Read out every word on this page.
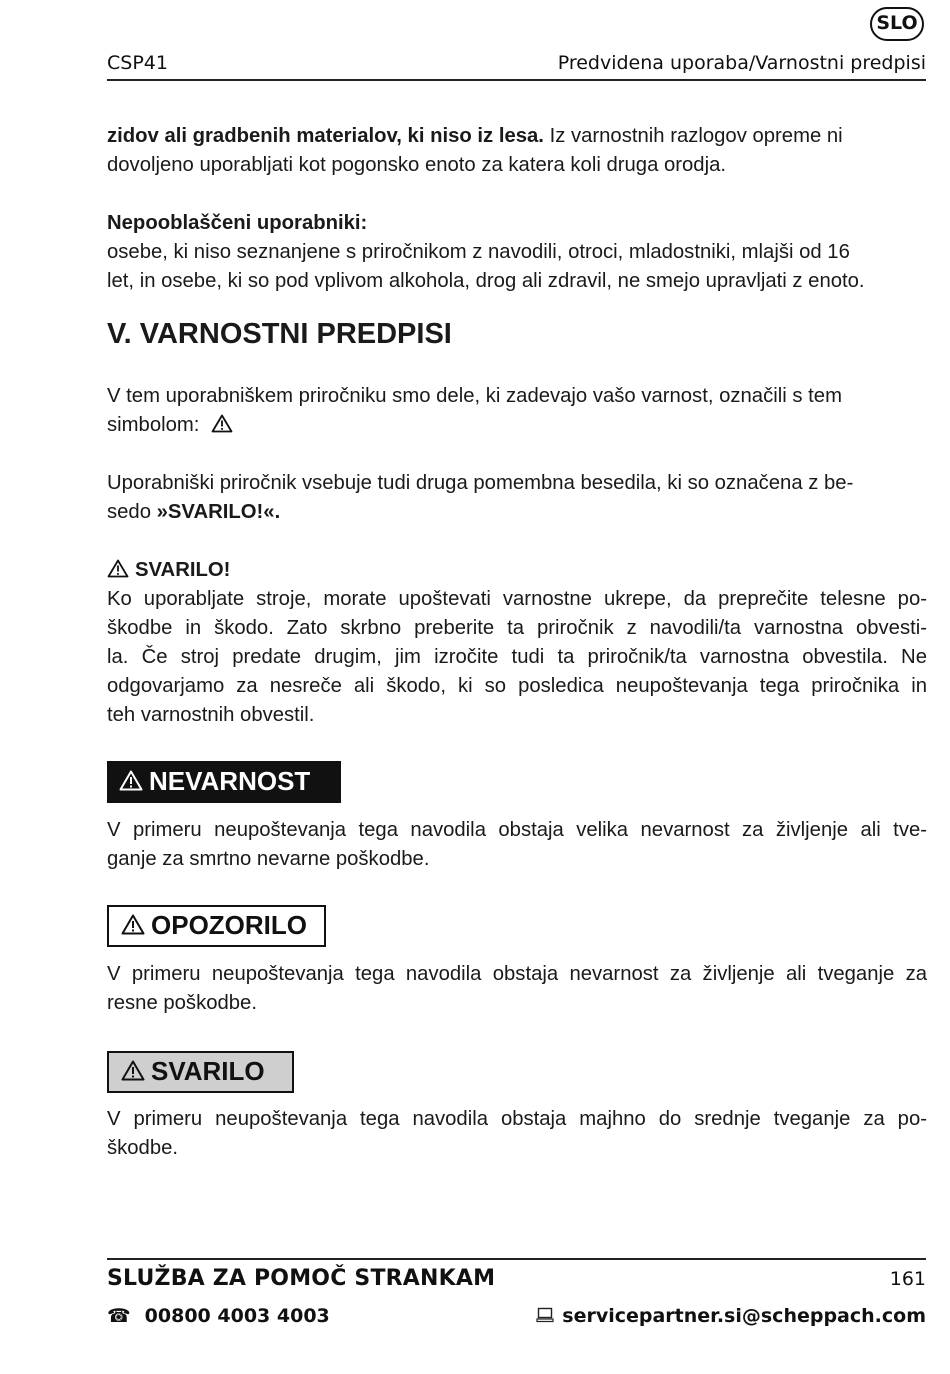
SLO
CSP41	Predvidena uporaba/Varnostni predpisi
zidov ali gradbenih materialov, ki niso iz lesa. Iz varnostnih razlogov opreme ni
dovoljeno uporabljati kot pogonsko enoto za katera koli druga orodja.
Nepooblaščeni uporabniki:
osebe, ki niso seznanjene s priročnikom z navodili, otroci, mladostniki, mlajši od 16
let, in osebe, ki so pod vplivom alkohola, drog ali zdravil, ne smejo upravljati z enoto.
V. VARNOSTNI PREDPISI
V tem uporabniškem priročniku smo dele, ki zadevajo vašo varnost, označili s tem
simbolom:
Uporabniški priročnik vsebuje tudi druga pomembna besedila, ki so označena z be-
sedo »SVARILO!«.
SVARILO!
Ko uporabljate stroje, morate upoštevati varnostne ukrepe, da preprečite telesne po-
škodbe in škodo. Zato skrbno preberite ta priročnik z navodili/ta varnostna obvesti-
la. Če stroj predate drugim, jim izročite tudi ta priročnik/ta varnostna obvestila. Ne
odgovarjamo za nesreče ali škodo, ki so posledica neupoštevanja tega priročnika in
teh varnostnih obvestil.
NEVARNOST
V primeru neupoštevanja tega navodila obstaja velika nevarnost za življenje ali tve-
ganje za smrtno nevarne poškodbe.
OPOZORILO
V primeru neupoštevanja tega navodila obstaja nevarnost za življenje ali tveganje za
resne poškodbe.
SVARILO
V primeru neupoštevanja tega navodila obstaja majhno do srednje tveganje za po-
škodbe.
SLUŽBA ZA POMOČ STRANKAM	161
☎ 00800 4003 4003	servicepartner.si@scheppach.com
